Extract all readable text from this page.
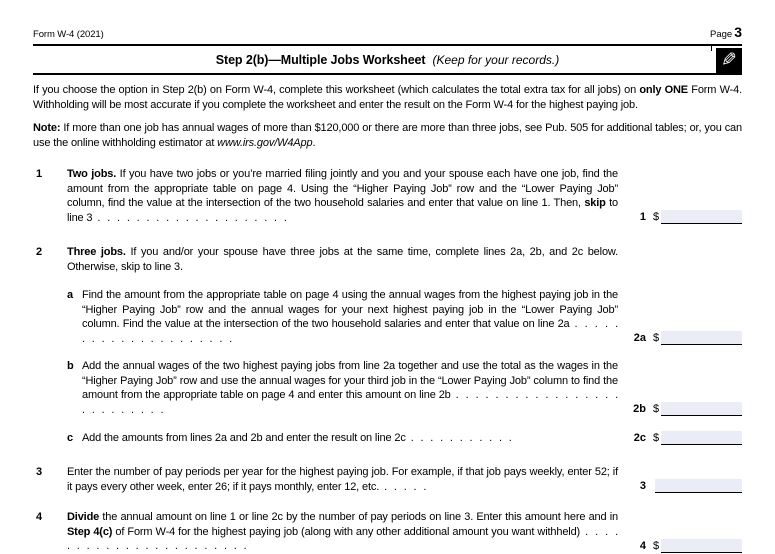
Form W-4 (2021)	Page 3
Step 2(b)—Multiple Jobs Worksheet (Keep for your records.)	✎
If you choose the option in Step 2(b) on Form W-4, complete this worksheet (which calculates the total extra tax for all jobs) on only ONE Form W-4. Withholding will be most accurate if you complete the worksheet and enter the result on the Form W-4 for the highest paying job.
Note: If more than one job has annual wages of more than $120,000 or there are more than three jobs, see Pub. 505 for additional tables; or, you can use the online withholding estimator at www.irs.gov/W4App.
1	Two jobs. If you have two jobs or you’re married filing jointly and you and your spouse each have one job, find the amount from the appropriate table on page 4. Using the “Higher Paying Job” row and the “Lower Paying Job” column, find the value at the intersection of the two household salaries and enter that value on line 1. Then, skip to line 3 . . . . . . . . . . . . . . . . . . . .	1 $
2	Three jobs. If you and/or your spouse have three jobs at the same time, complete lines 2a, 2b, and 2c below. Otherwise, skip to line 3.
a Find the amount from the appropriate table on page 4 using the annual wages from the highest paying job in the “Higher Paying Job” row and the annual wages for your next highest paying job in the “Lower Paying Job” column. Find the value at the intersection of the two household salaries and enter that value on line 2a . . . . . . . . . . . . . . . . . . . . .	2a $
b Add the annual wages of the two highest paying jobs from line 2a together and use the total as the wages in the “Higher Paying Job” row and use the annual wages for your third job in the “Lower Paying Job” column to find the amount from the appropriate table on page 4 and enter this amount on line 2b . . . . . . . . . . . . . . . . . . . . . . . . . .	2b $
c Add the amounts from lines 2a and 2b and enter the result on line 2c . . . . . . . . . . .	2c $
3	Enter the number of pay periods per year for the highest paying job. For example, if that job pays weekly, enter 52; if it pays every other week, enter 26; if it pays monthly, enter 12, etc. . . . . .	3
4	Divide the annual amount on line 1 or line 2c by the number of pay periods on line 3. Enter this amount here and in Step 4(c) of Form W-4 for the highest paying job (along with any other additional amount you want withheld) . . . . . . . . . . . . . . . . . . . . . . .	4 $
